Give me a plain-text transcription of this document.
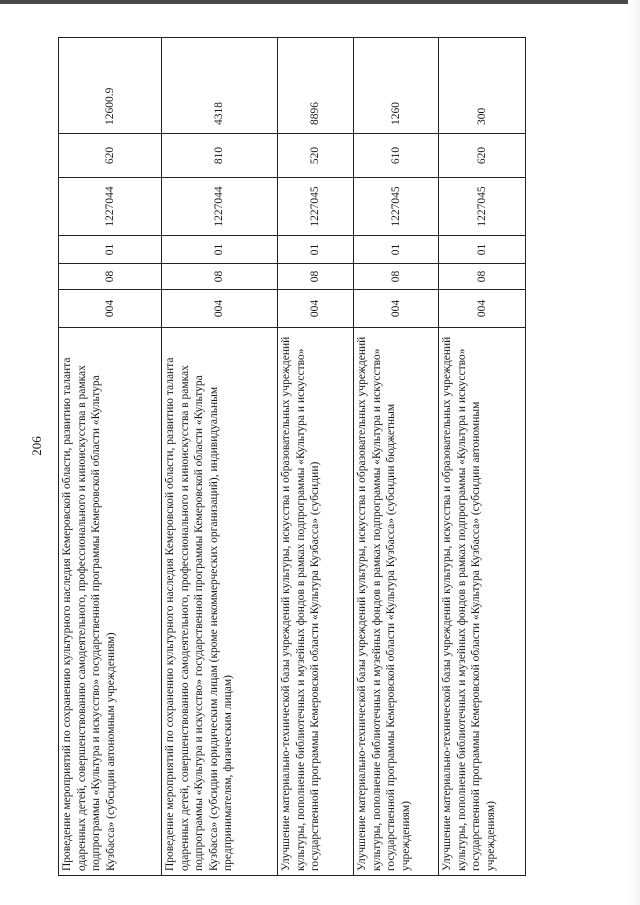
206 Проведение мероприятий по сохранению культурного наследия Кемеровской области, развитию таланта одаренных детей, совершенствованию самодеятельного, профессионального и киноискусства в рамках подпрограммы «Культура и искусство» государственной программы Кемеровской области «Культура Кузбасса» (субсидии автономным учреждениям)	004	08	01	1227044	620	12600.9
Проведение мероприятий по сохранению культурного наследия Кемеровской области, развитию таланта одаренных детей, совершенствованию самодеятельного, профессионального и киноискусства в рамках подпрограммы «Культура и искусство» государственной программы Кемеровской области «Культура Кузбасса» (субсидии юридическим лицам (кроме некоммерческих организаций), индивидуальным предпринимателям, физическим лицам)	004	08	01	1227044	810	4318
Улучшение материально-технической базы учреждений культуры, искусства и образовательных учреждений культуры, пополнение библиотечных и музейных фондов в рамках подпрограммы «Культура и искусство» государственной программы Кемеровской области «Культура Кузбасса» (субсидии)	004	08	01	1227045	520	8896
Улучшение материально-технической базы учреждений культуры, искусства и образовательных учреждений культуры, пополнение библиотечных и музейных фондов в рамках подпрограммы «Культура и искусство» государственной программы Кемеровской области «Культура Кузбасса» (субсидии бюджетным учреждениям)	004	08	01	1227045	610	1260
Улучшение материально-технической базы учреждений культуры, искусства и образовательных учреждений культуры, пополнение библиотечных и музейных фондов в рамках подпрограммы «Культура и искусство» государственной программы Кемеровской области «Культура Кузбасса» (субсидии автономным учреждениям)	004	08	01	1227045	620	300
